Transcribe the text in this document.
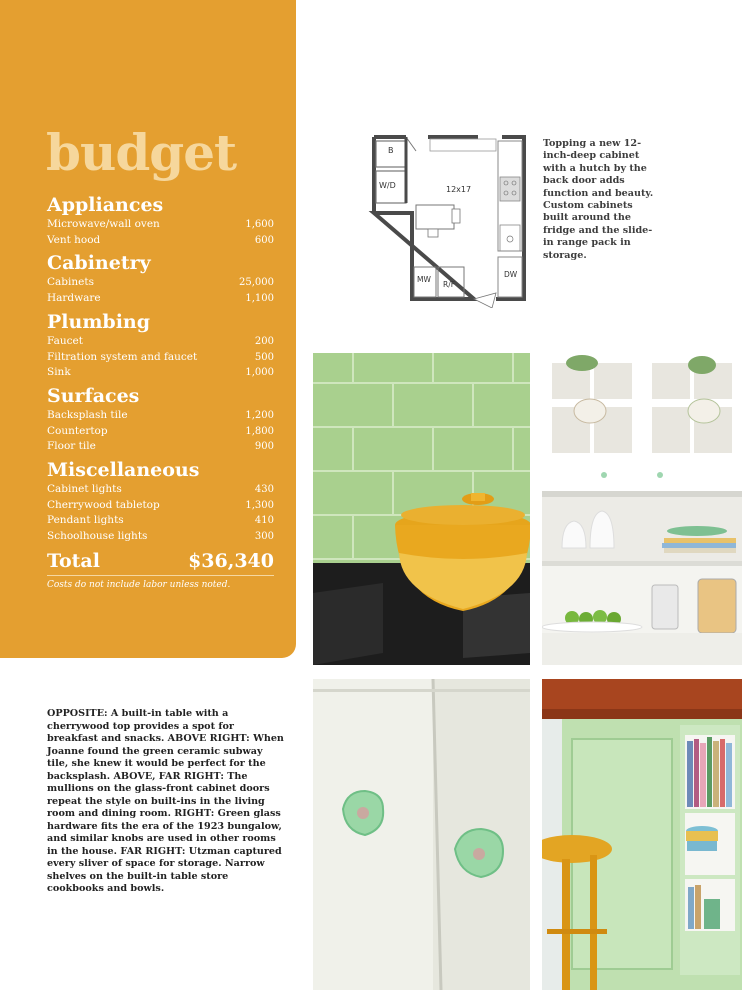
budget
Appliances
Microwave/wall oven	1,600
Vent hood	600
Cabinetry
Cabinets	25,000
Hardware	1,100
Plumbing
Faucet	200
Filtration system and faucet	500
Sink	1,000
Surfaces
Backsplash tile	1,200
Countertop	1,800
Floor tile	900
Miscellaneous
Cabinet lights	430
Cherrywood tabletop	1,300
Pendant lights	410
Schoolhouse lights	300
Total	$36,340
Costs do not include labor unless noted.
B
W/D	12x17
MW
R/F
DW
Topping a new 12-inch-deep cabinet with a hutch by the back door adds function and beauty. Custom cabinets built around the fridge and the slide-in range pack in storage.
OPPOSITE: A built-in table with a cherrywood top provides a spot for breakfast and snacks. ABOVE RIGHT: When Joanne found the green ceramic subway tile, she knew it would be perfect for the backsplash. ABOVE, FAR RIGHT: The mullions on the glass-front cabinet doors repeat the style on built-ins in the living room and dining room. RIGHT: Green glass hardware fits the era of the 1923 bungalow, and similar knobs are used in other rooms in the house. FAR RIGHT: Utzman captured every sliver of space for storage. Narrow shelves on the built-in table store cookbooks and bowls.
